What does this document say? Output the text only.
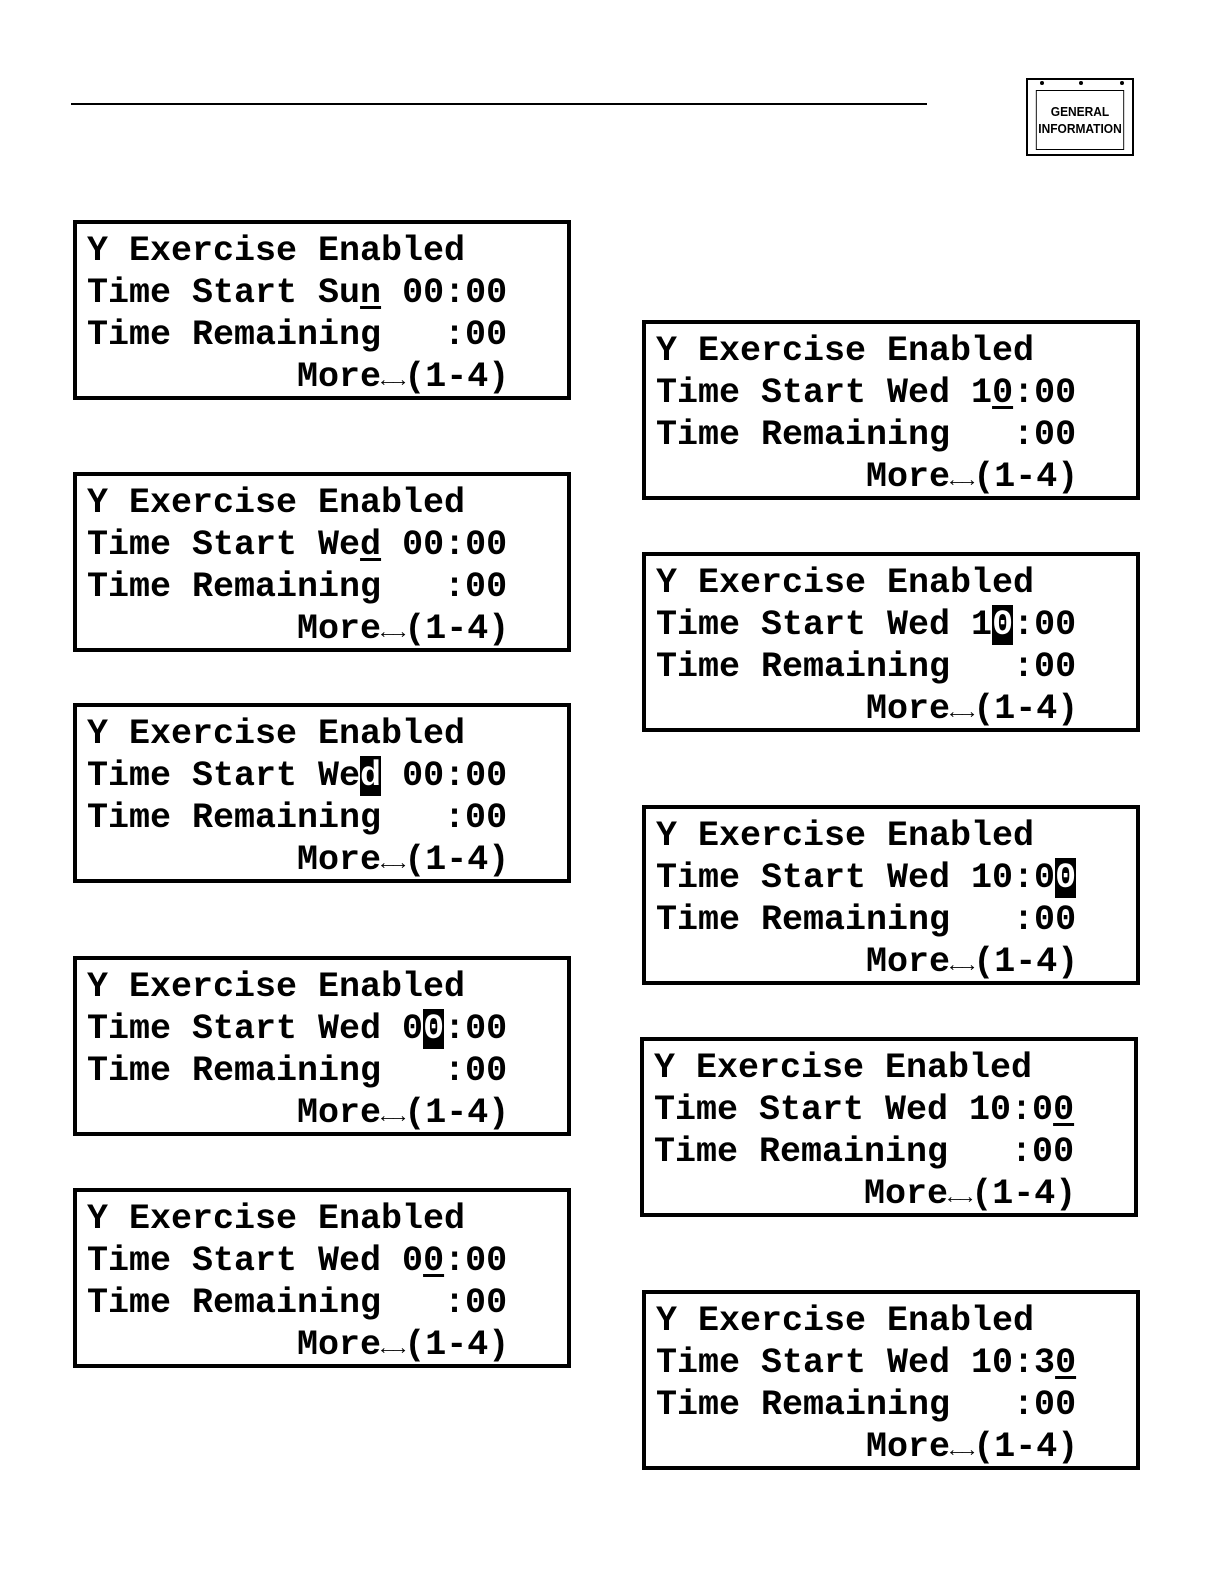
GENERAL
INFORMATION
Y Exercise Enabled
Time Start Sun 00:00
Time Remaining   :00
More←→(1-4)
Y Exercise Enabled
Time Start Wed 00:00
Time Remaining   :00
More←→(1-4)
Y Exercise Enabled
Time Start Wed 00:00
Time Remaining   :00
More←→(1-4)
Y Exercise Enabled
Time Start Wed 00:00
Time Remaining   :00
More←→(1-4)
Y Exercise Enabled
Time Start Wed 00:00
Time Remaining   :00
More←→(1-4)
Y Exercise Enabled
Time Start Wed 10:00
Time Remaining   :00
More←→(1-4)
Y Exercise Enabled
Time Start Wed 10:00
Time Remaining   :00
More←→(1-4)
Y Exercise Enabled
Time Start Wed 10:00
Time Remaining   :00
More←→(1-4)
Y Exercise Enabled
Time Start Wed 10:00
Time Remaining   :00
More←→(1-4)
Y Exercise Enabled
Time Start Wed 10:30
Time Remaining   :00
More←→(1-4)
